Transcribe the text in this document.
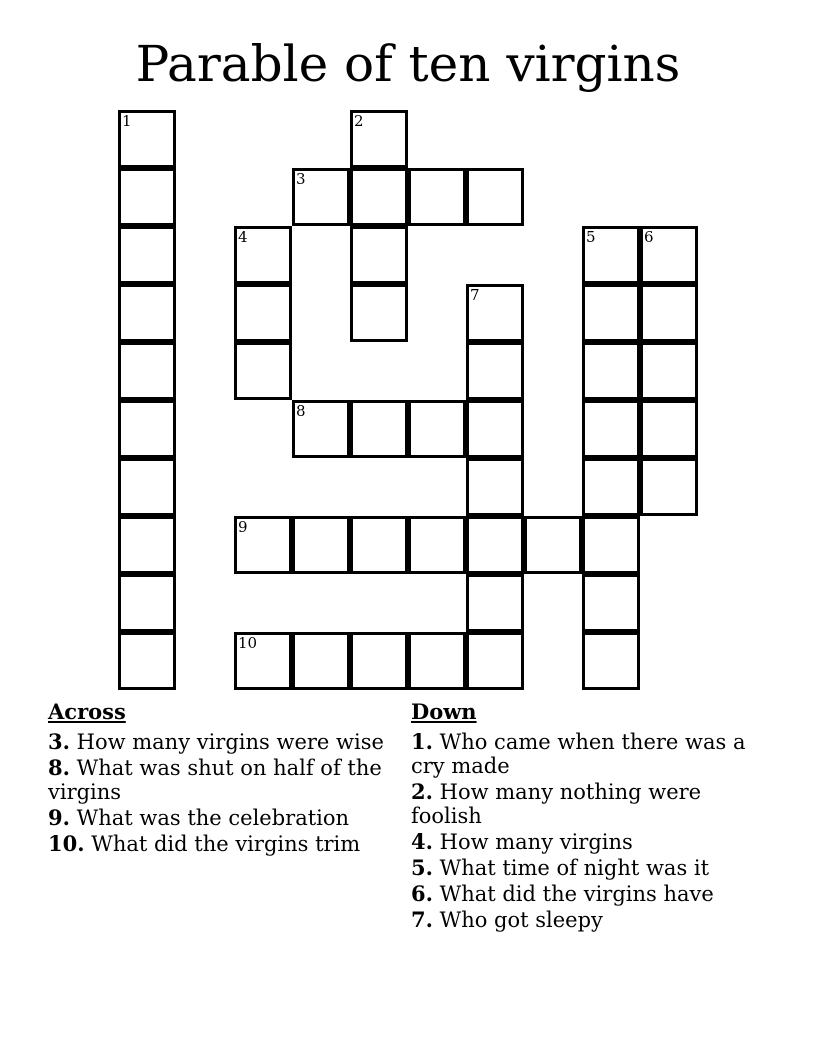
Parable of ten virgins
1	2
3
4	5	6
7
8
9
10
Across
3. How many virgins were wise
8. What was shut on half of the virgins
9. What was the celebration
10. What did the virgins trim
Down
1. Who came when there was a cry made
2. How many nothing were foolish
4. How many virgins
5. What time of night was it
6. What did the virgins have
7. Who got sleepy
